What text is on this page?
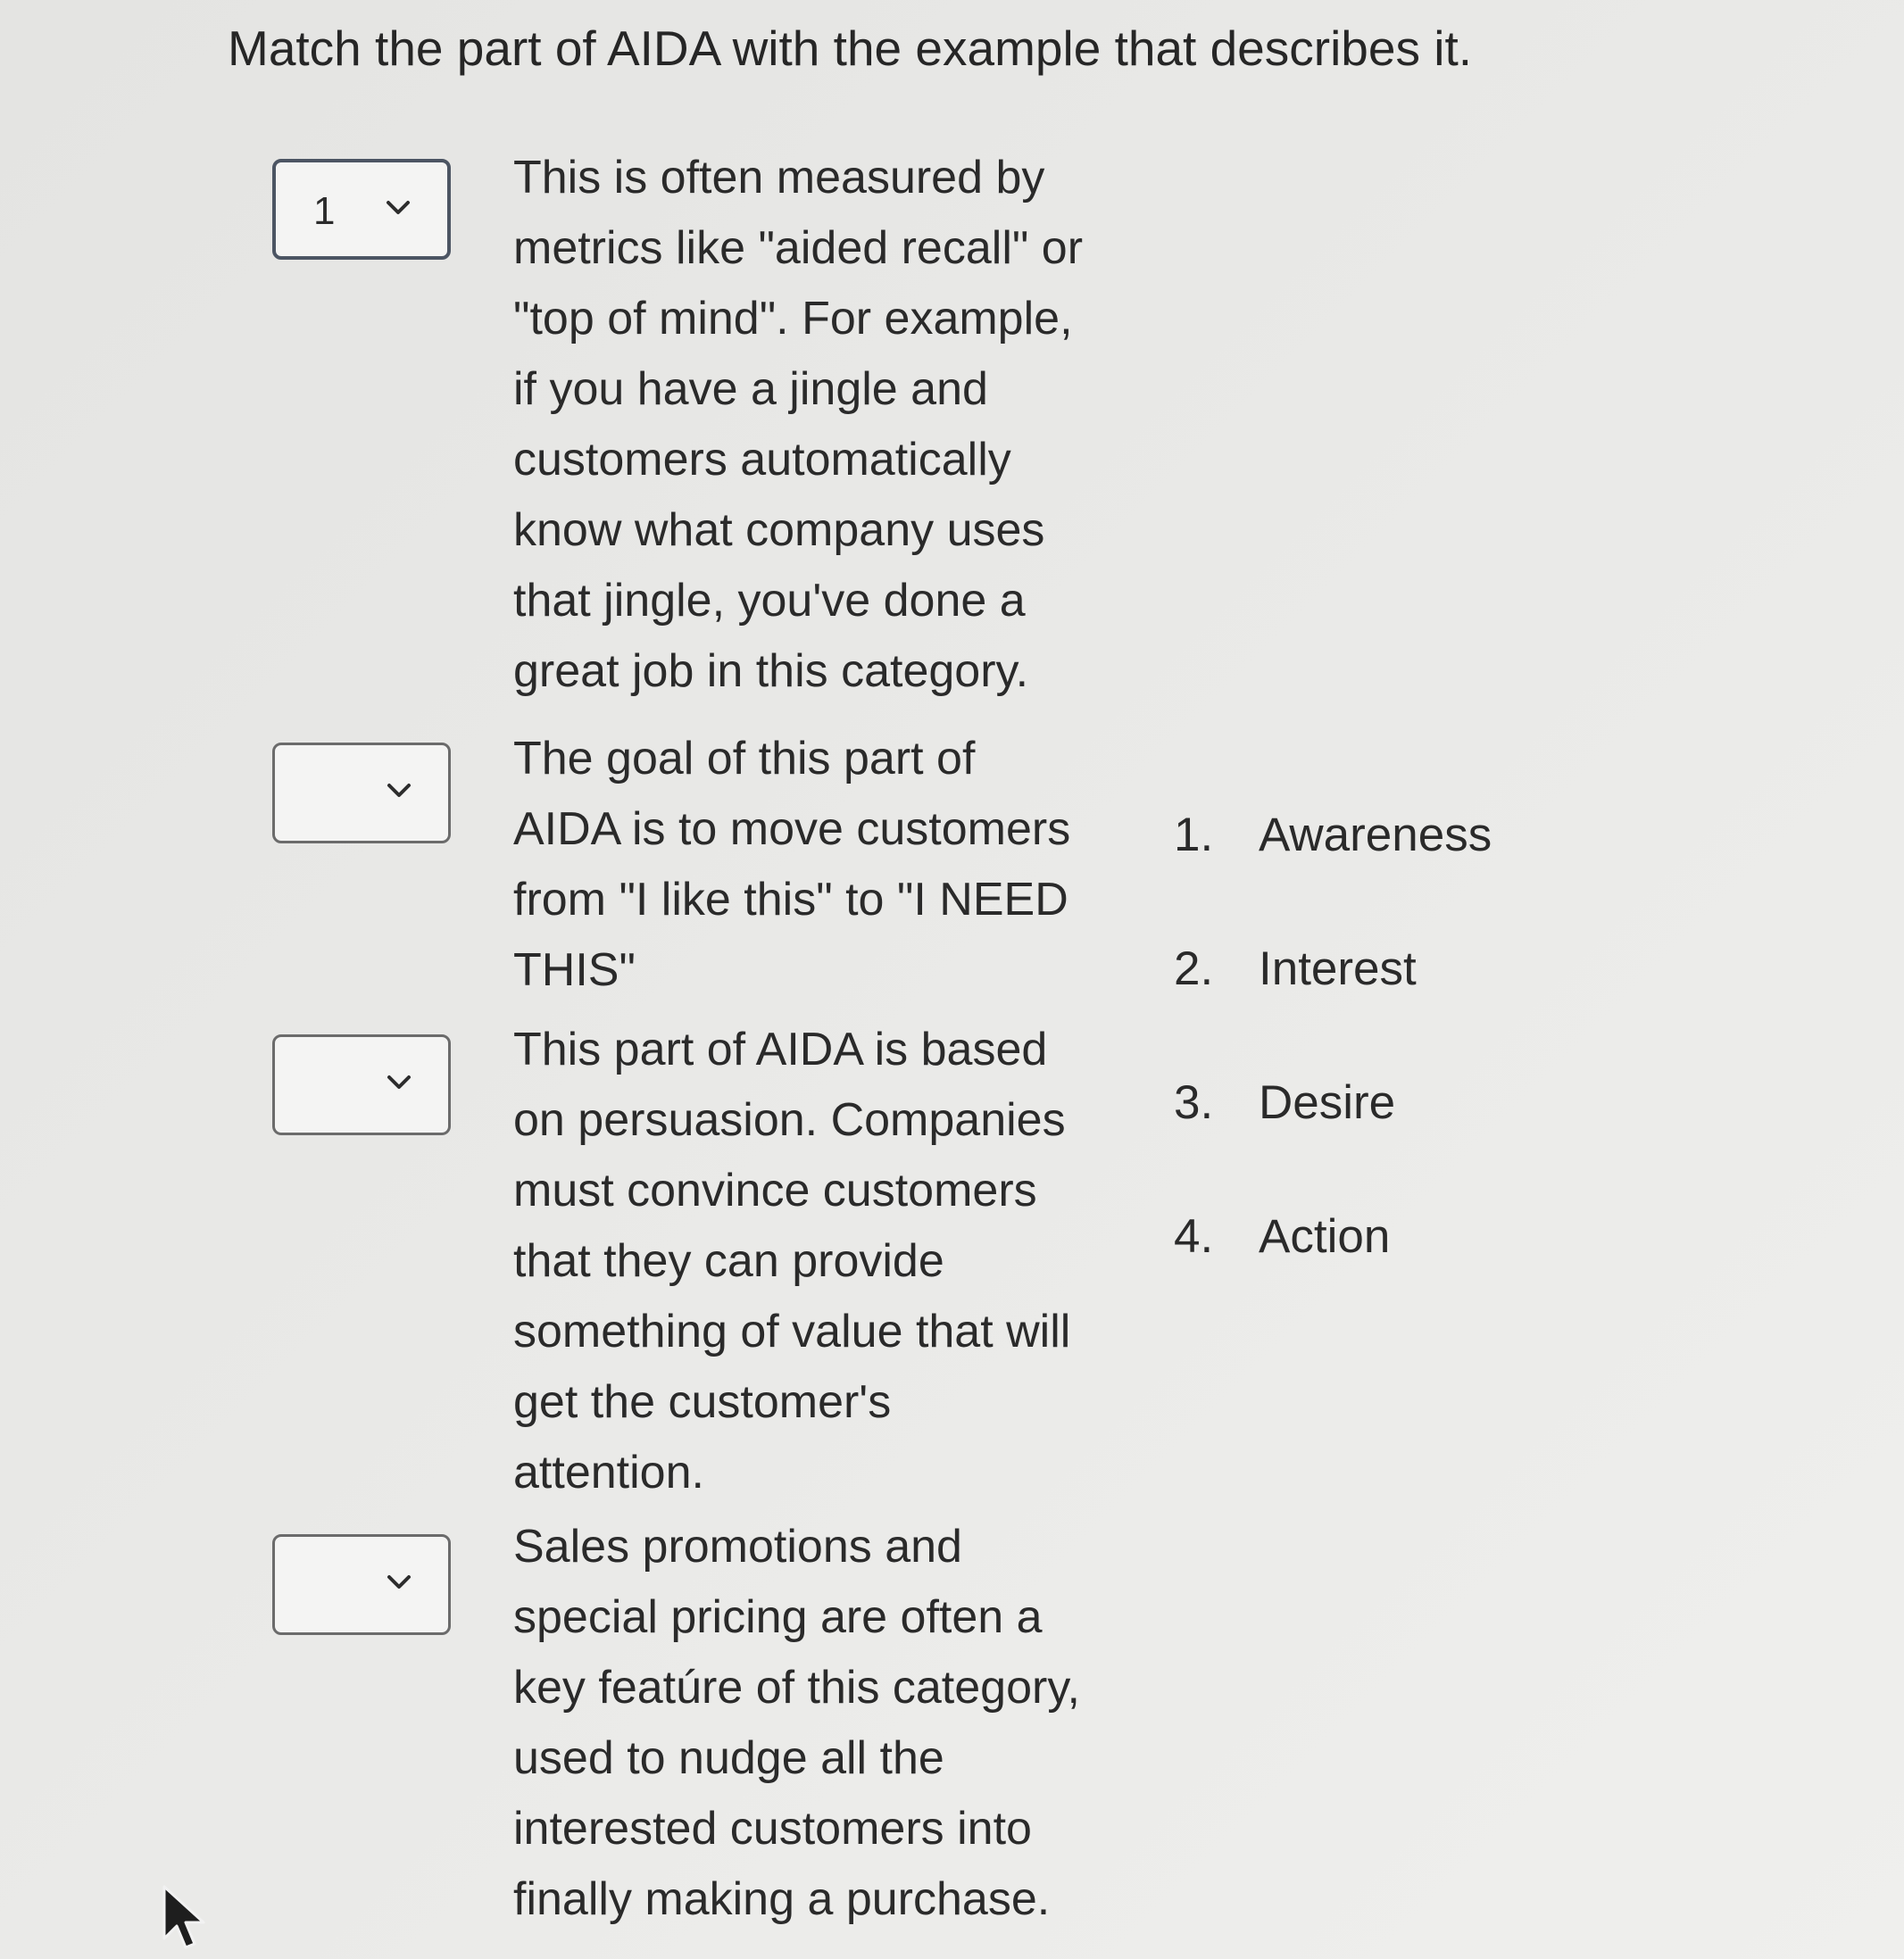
Match the part of AIDA with the example that describes it.
1

This is often measured by
metrics like "aided recall" or
"top of mind". For example,
if you have a jingle and
customers automatically
know what company uses
that jingle, you've done a
great job in this category.

The goal of this part of
AIDA is to move customers
from "I like this" to "I NEED
THIS"

This part of AIDA is based
on persuasion. Companies
must convince customers
that they can provide
something of value that will
get the customer's
attention.

Sales promotions and
special pricing are often a
key featúre of this category,
used to nudge all the
interested customers into
finally making a purchase.

1. Awareness
2. Interest
3. Desire
4. Action
